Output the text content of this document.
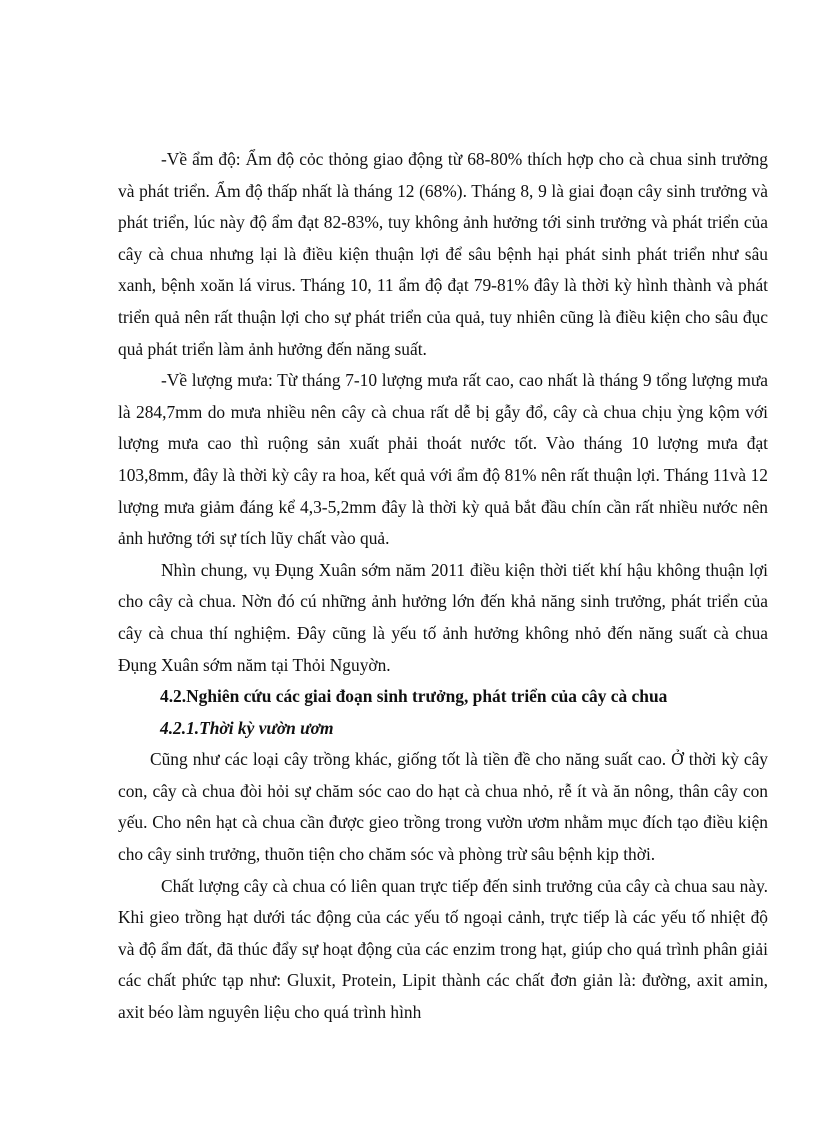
-Về ẩm độ: Ẩm độ cỏc thỏng giao động từ 68-80% thích hợp cho cà chua sinh trưởng và phát triển. Ẩm độ thấp nhất là tháng 12 (68%). Tháng 8, 9 là giai đoạn cây sinh trưởng và phát triển, lúc này độ ẩm đạt 82-83%, tuy không ảnh hưởng tới sinh trưởng và phát triển của cây cà chua nhưng lại là điều kiện thuận lợi để sâu bệnh hại phát sinh phát triển như sâu xanh, bệnh xoăn lá virus. Tháng 10, 11 ẩm độ đạt 79-81% đây là thời kỳ hình thành và phát triển quả nên rất thuận lợi cho sự phát triển của quả, tuy nhiên cũng là điều kiện cho sâu đục quả phát triển làm ảnh hưởng đến năng suất.

-Về lượng mưa: Từ tháng 7-10 lượng mưa rất cao, cao nhất là tháng 9 tổng lượng mưa là 284,7mm do mưa nhiều nên cây cà chua rất dễ bị gẫy đổ, cây cà chua chịu ỳng kộm với lượng mưa cao thì ruộng sản xuất phải thoát nước tốt. Vào tháng 10 lượng mưa đạt 103,8mm, đây là thời kỳ cây ra hoa, kết quả với ẩm độ 81% nên rất thuận lợi. Tháng 11và 12 lượng mưa giảm đáng kể 4,3-5,2mm đây là thời kỳ quả bắt đầu chín cần rất nhiều nước nên ảnh hưởng tới sự tích lũy chất vào quả.

Nhìn chung, vụ Đụng Xuân sớm năm 2011 điều kiện thời tiết khí hậu không thuận lợi cho cây cà chua. Nờn đó cú những ảnh hưởng lớn đến khả năng sinh trưởng, phát triển của cây cà chua thí nghiệm. Đây cũng là yếu tố ảnh hưởng không nhỏ đến năng suất cà chua Đụng Xuân sớm năm tại Thỏi Nguyờn.

4.2.Nghiên cứu các giai đoạn sinh trưởng, phát triển của cây cà chua
4.2.1.Thời kỳ vườn ươm

Cũng như các loại cây trồng khác, giống tốt là tiền đề cho năng suất cao. Ở thời kỳ cây con, cây cà chua đòi hỏi sự chăm sóc cao do hạt cà chua nhỏ, rễ ít và ăn nông, thân cây con yếu. Cho nên hạt cà chua cần được gieo trồng trong vườn ươm nhằm mục đích tạo điều kiện cho cây sinh trưởng, thuõn tiện cho chăm sóc và phòng trừ sâu bệnh kịp thời.

Chất lượng cây cà chua có liên quan trực tiếp đến sinh trưởng của cây cà chua sau này. Khi gieo trồng hạt dưới tác động của các yếu tố ngoại cảnh, trực tiếp là các yếu tố nhiệt độ và độ ẩm đất, đã thúc đẩy sự hoạt động của các enzim trong hạt, giúp cho quá trình phân giải các chất phức tạp như: Gluxit, Protein, Lipit thành các chất đơn giản là: đường, axit amin, axit béo làm nguyên liệu cho quá trình hình
